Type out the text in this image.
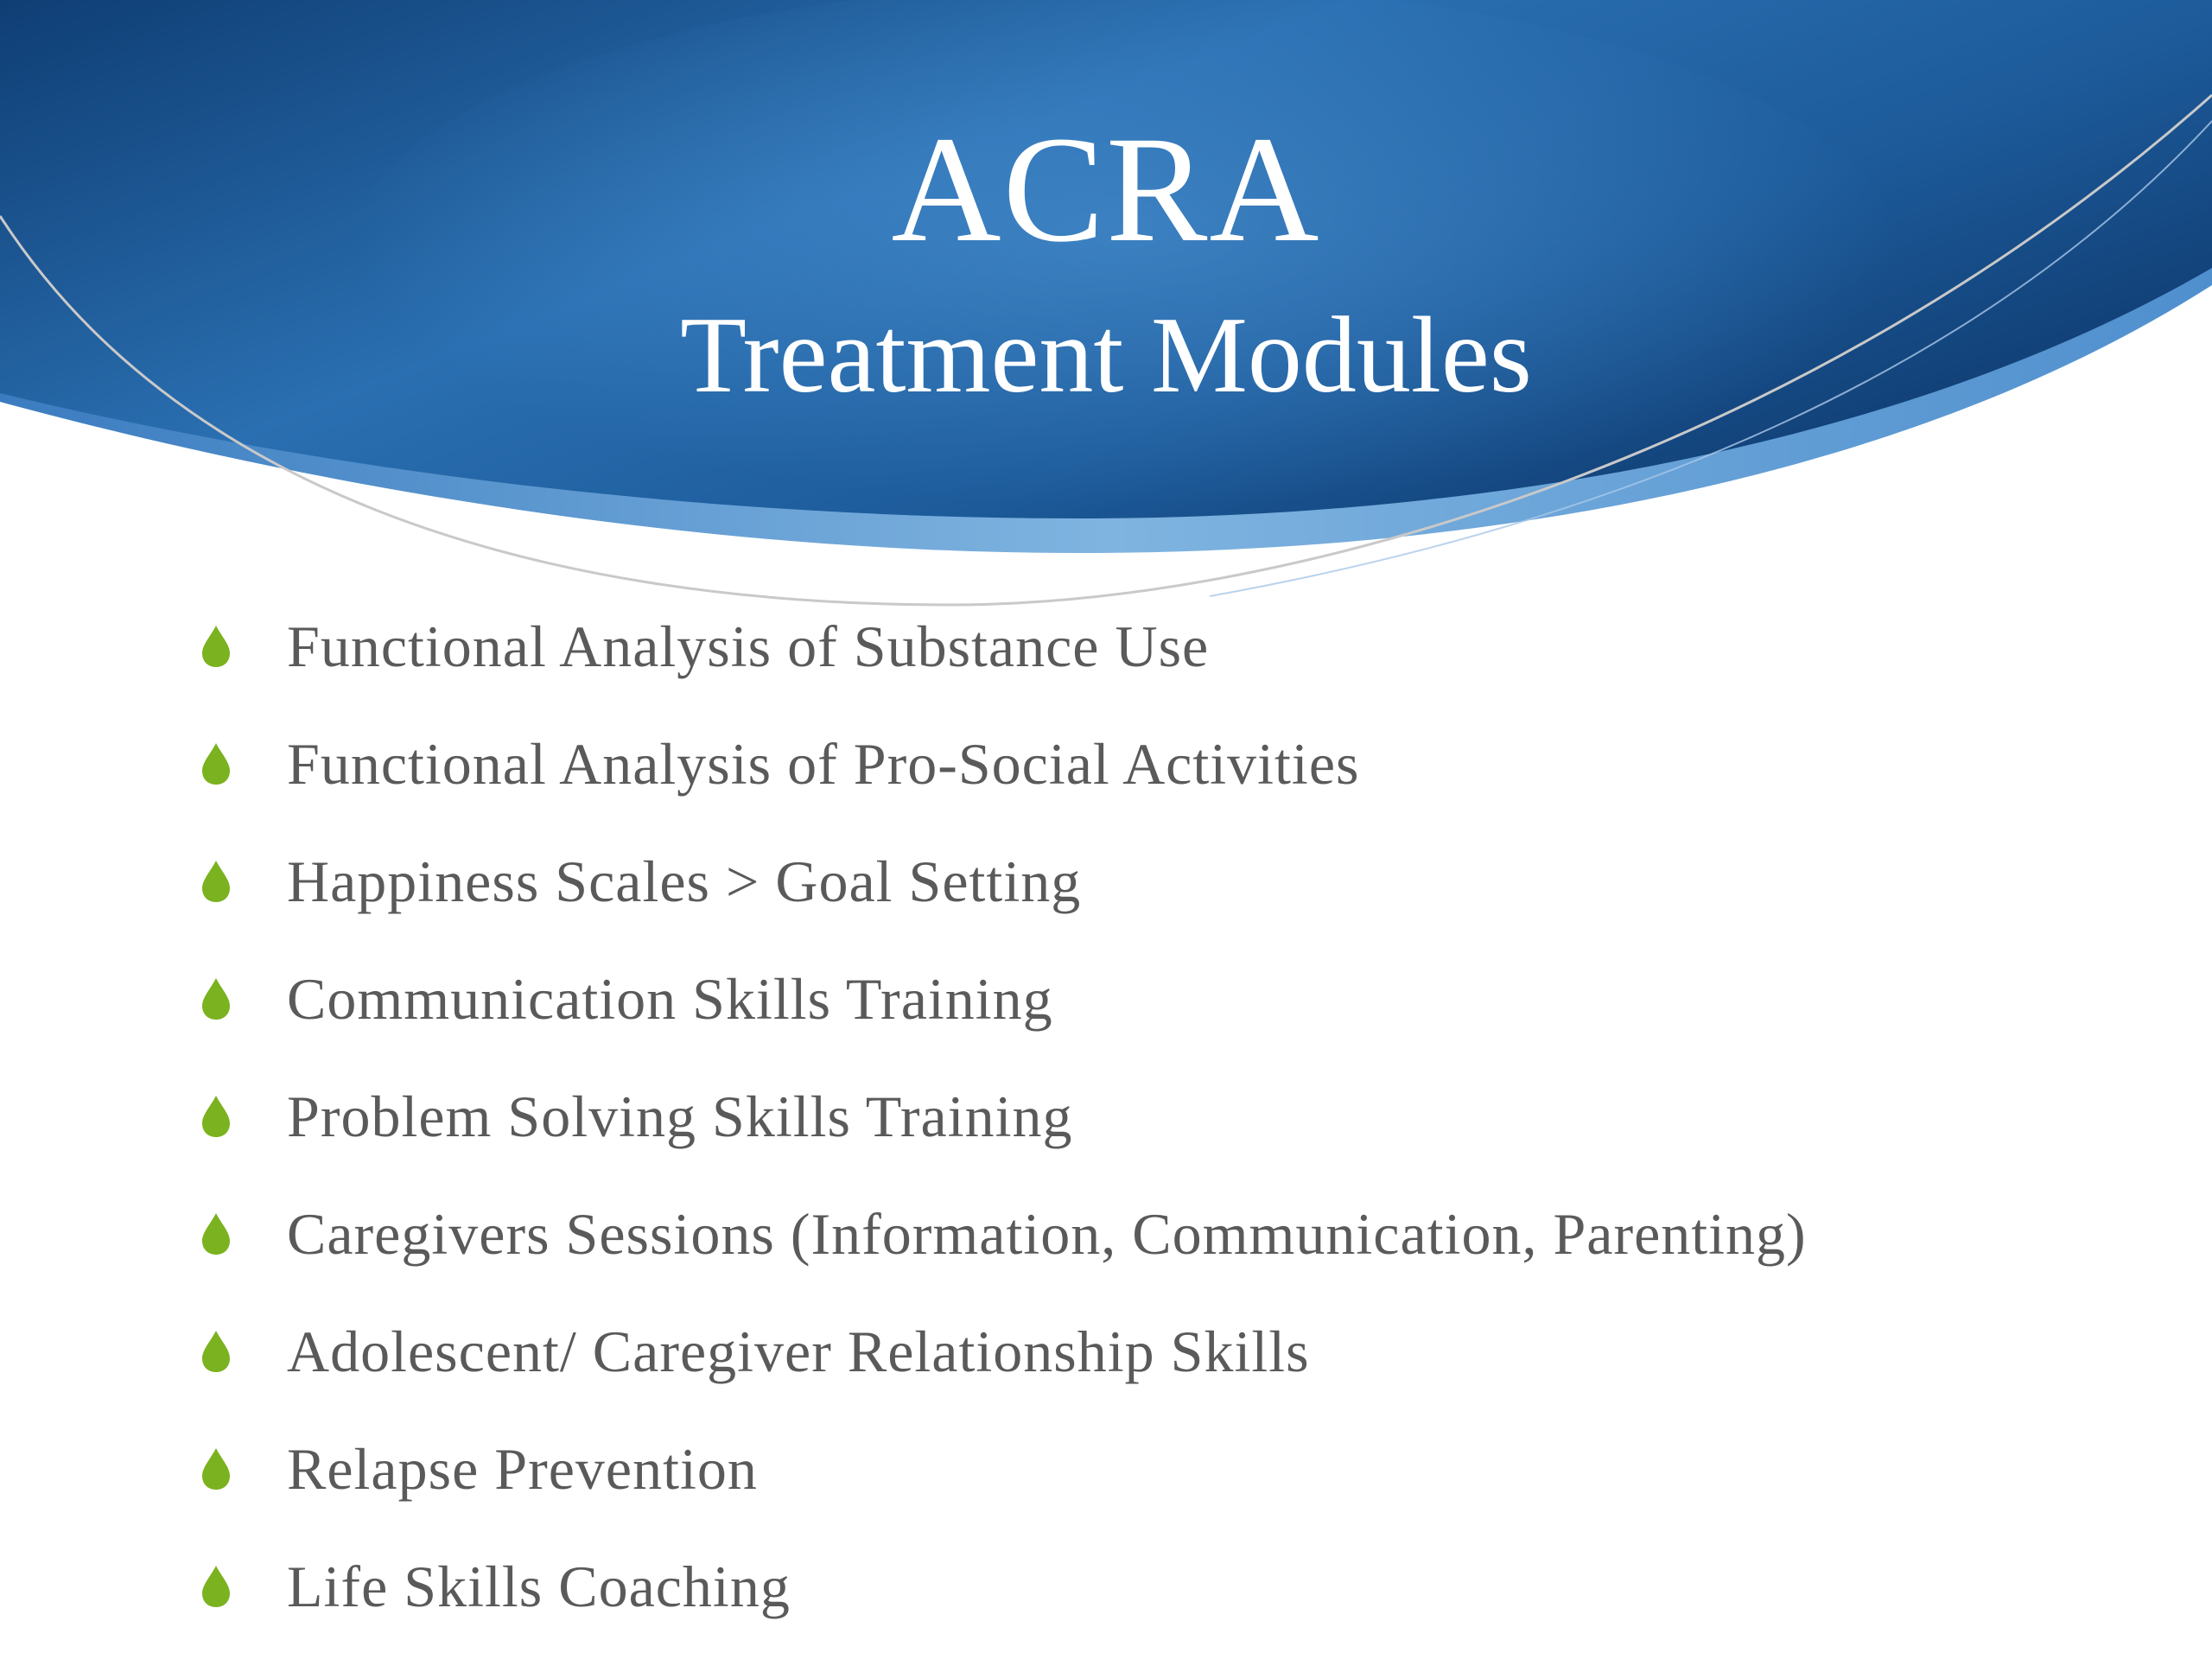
ACRA
Treatment Modules
Functional Analysis of Substance Use
Functional Analysis of Pro-Social Activities
Happiness Scales > Goal Setting
Communication Skills Training
Problem Solving Skills Training
Caregivers Sessions (Information, Communication, Parenting)
Adolescent/ Caregiver Relationship Skills
Relapse Prevention
Life Skills Coaching
